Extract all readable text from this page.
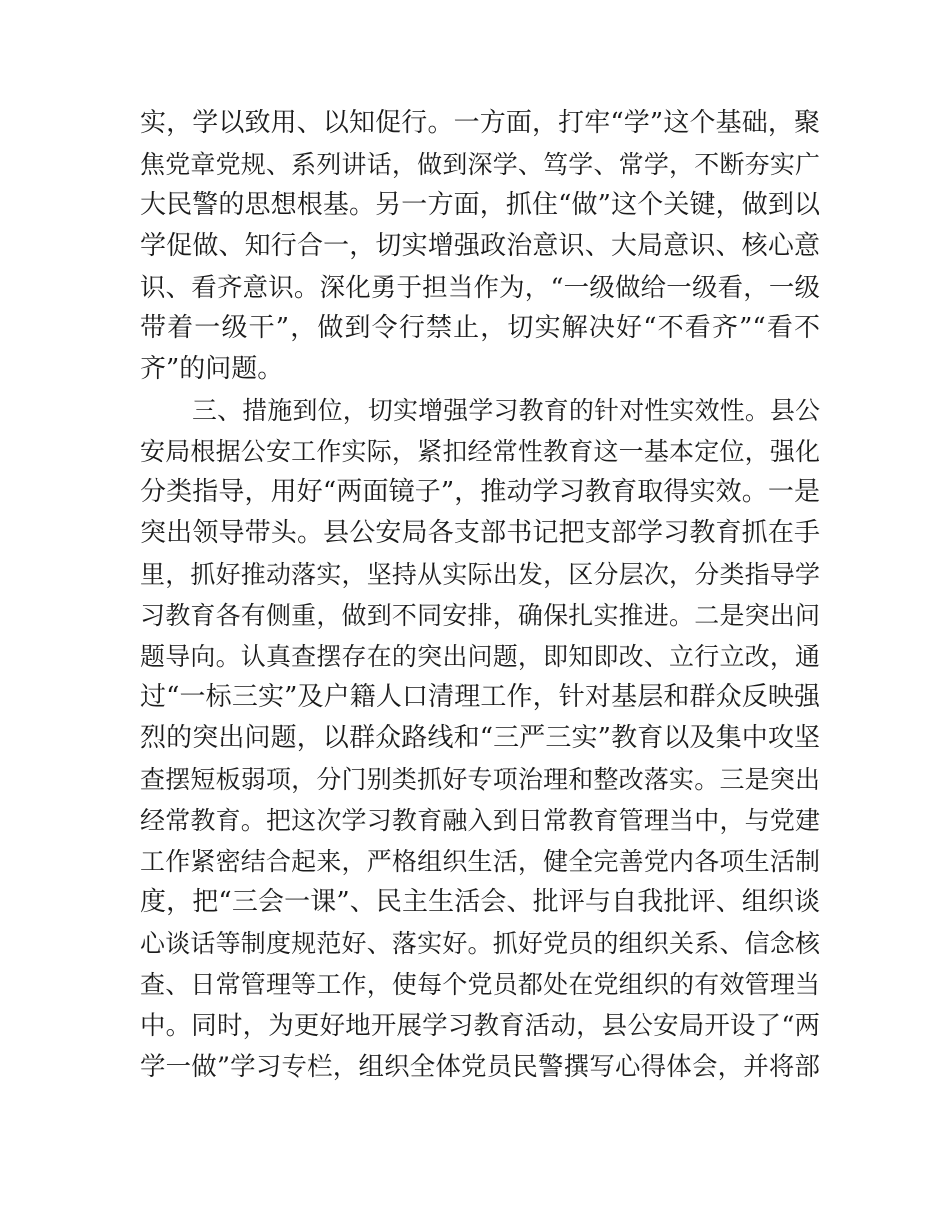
实，学以致用、以知促行。一方面，打牢“学”这个基础，聚
焦党章党规、系列讲话，做到深学、笃学、常学，不断夯实广
大民警的思想根基。另一方面，抓住“做”这个关键，做到以
学促做、知行合一，切实增强政治意识、大局意识、核心意
识、看齐意识。深化勇于担当作为，“一级做给一级看，一级
带着一级干”，做到令行禁止，切实解决好“不看齐”“看不
齐”的问题。
三、措施到位，切实增强学习教育的针对性实效性。县公
安局根据公安工作实际，紧扣经常性教育这一基本定位，强化
分类指导，用好“两面镜子”，推动学习教育取得实效。一是
突出领导带头。县公安局各支部书记把支部学习教育抓在手
里，抓好推动落实，坚持从实际出发，区分层次，分类指导学
习教育各有侧重，做到不同安排，确保扎实推进。二是突出问
题导向。认真查摆存在的突出问题，即知即改、立行立改，通
过“一标三实”及户籍人口清理工作，针对基层和群众反映强
烈的突出问题，以群众路线和“三严三实”教育以及集中攻坚
查摆短板弱项，分门别类抓好专项治理和整改落实。三是突出
经常教育。把这次学习教育融入到日常教育管理当中，与党建
工作紧密结合起来，严格组织生活，健全完善党内各项生活制
度，把“三会一课”、民主生活会、批评与自我批评、组织谈
心谈话等制度规范好、落实好。抓好党员的组织关系、信念核
查、日常管理等工作，使每个党员都处在党组织的有效管理当
中。同时，为更好地开展学习教育活动，县公安局开设了“两
学一做”学习专栏，组织全体党员民警撰写心得体会，并将部
